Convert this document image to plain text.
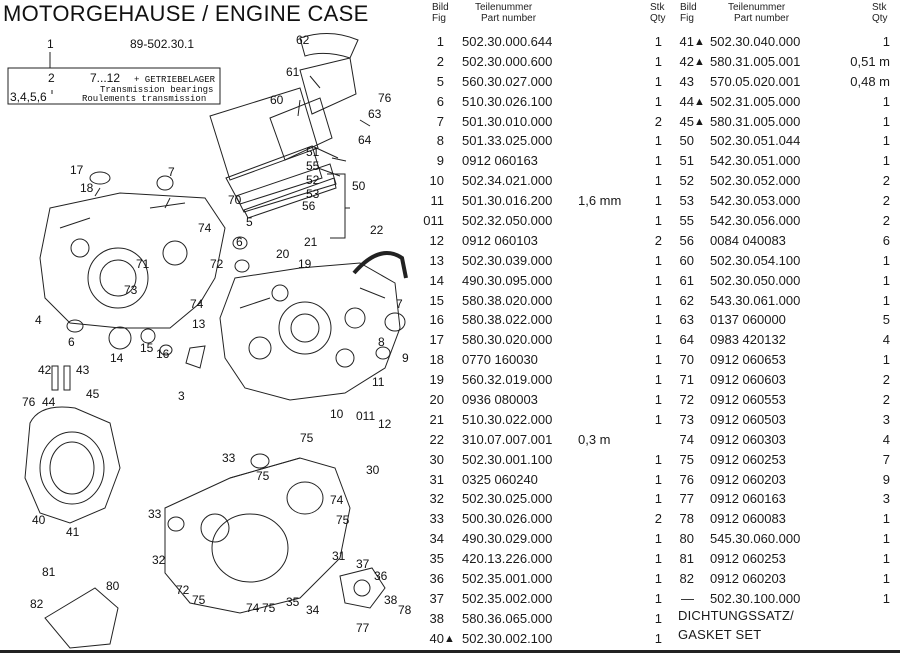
MOTORGEHAUSE / ENGINE CASE
1	89-502.30.1
2	7...12
3,4,5,6
+ GETRIEBELAGER
Transmission bearings
Roulements transmission
62
61
60	76
63
64
51
55
52
53
56
50
17	7
18
70
74	5
6
72
21
22
20
19
71
73
74
4
6
14
15 16
13
7
8
9
42 43
76 44
45
11
3
10 011
12
75
33
75	30
74
75
33
40
41
31
32
81
80
37
36
38
78
82
72
75
74 75 35
34
77
Bild
Fig
Teilenummer
Part number
Stk
Qty
1 502.30.000.644	1
2 502.30.000.600	1
5 560.30.027.000	1
6 510.30.026.100	1
7 501.30.010.000	2
8 501.33.025.000	1
9 0912 060163	1
10 502.34.021.000	1
11 501.30.016.200 1,6 mm	1
011 502.32.050.000	1
12 0912 060103	2
13 502.30.039.000	1
14 490.30.095.000	1
15 580.38.020.000	1
16 580.38.022.000	1
17 580.30.020.000	1
18 0770 160030	1
19 560.32.019.000	1
20 0936 080003	1
21 510.30.022.000	1
22 310.07.007.001 0,3 m
30 502.30.001.100	1
31 0325 060240	1
32 502.30.025.000	1
33 500.30.026.000	2
34 490.30.029.000	1
35 420.13.226.000	1
36 502.35.001.000	1
37 502.35.002.000	1
38 580.36.065.000	1
40 ▲ 502.30.002.100	1
Bild
Fig
Teilenummer
Part number
Stk
Qty
41 ▲ 502.30.040.000	1
42 ▲ 580.31.005.001	0,51 m
43 570.05.020.001	0,48 m
44 ▲ 502.31.005.000	1
45 ▲ 580.31.005.000	1
50 502.30.051.044	1
51 542.30.051.000	1
52 502.30.052.000	2
53 542.30.053.000	2
55 542.30.056.000	2
56 0084 040083	6
60 502.30.054.100	1
61 502.30.050.000	1
62 543.30.061.000	1
63 0137 060000	5
64 0983 420132	4
70 0912 060653	1
71 0912 060603	2
72 0912 060553	2
73 0912 060503	3
74 0912 060303	4
75 0912 060253	7
76 0912 060203	9
77 0912 060163	3
78 0912 060083	1
80 545.30.060.000	1
81 0912 060253	1
82 0912 060203	1
— 502.30.100.000	1
DICHTUNGSSATZ/
GASKET SET
